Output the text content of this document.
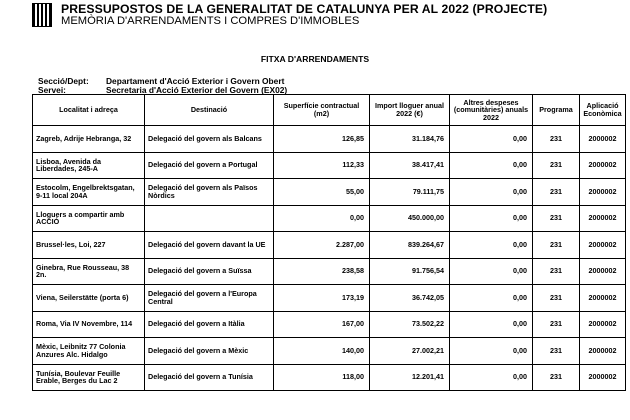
PRESSUPOSTOS DE LA GENERALITAT DE CATALUNYA PER AL 2022 (PROJECTE)
MEMÒRIA D'ARRENDAMENTS I COMPRES D'IMMOBLES
FITXA D'ARRENDAMENTS
Secció/Dept: Departament d'Acció Exterior i Govern Obert
Servei:	Secretaria d'Acció Exterior del Govern (EX02)
Localitat i adreça	Destinació	Superfície contractual (m2)	Import lloguer anual 2022 (€)	Altres despeses (comunitàries) anuals 2022	Programa	Aplicació Econòmica
Zagreb, Adrije Hebranga, 32	Delegació del govern als Balcans	126,85	31.184,76	0,00	231	2000002
Lisboa, Avenida da Liberdades, 245-A	Delegació del govern a Portugal	112,33	38.417,41	0,00	231	2000002
Estocolm, Engelbrektsgatan, 9-11 local 204A	Delegació del govern als Països Nòrdics	55,00	79.111,75	0,00	231	2000002
Lloguers a compartir amb ACCIÓ		0,00	450.000,00	0,00	231	2000002
Brussel·les, Loi, 227	Delegació del govern davant la UE	2.287,00	839.264,67	0,00	231	2000002
Ginebra, Rue Rousseau, 38 2n.	Delegació del govern a Suïssa	238,58	91.756,54	0,00	231	2000002
Viena, Seilerstätte (porta 6)	Delegació del govern a l'Europa Central	173,19	36.742,05	0,00	231	2000002
Roma, Via IV Novembre, 114	Delegació del govern a Itàlia	167,00	73.502,22	0,00	231	2000002
Mèxic, Leibnitz 77 Colonia Anzures Alc. Hidalgo	Delegació del govern a Mèxic	140,00	27.002,21	0,00	231	2000002
Tunísia, Boulevar Feuille Erable, Berges du Lac 2	Delegació del govern a Tunísia	118,00	12.201,41	0,00	231	2000002
